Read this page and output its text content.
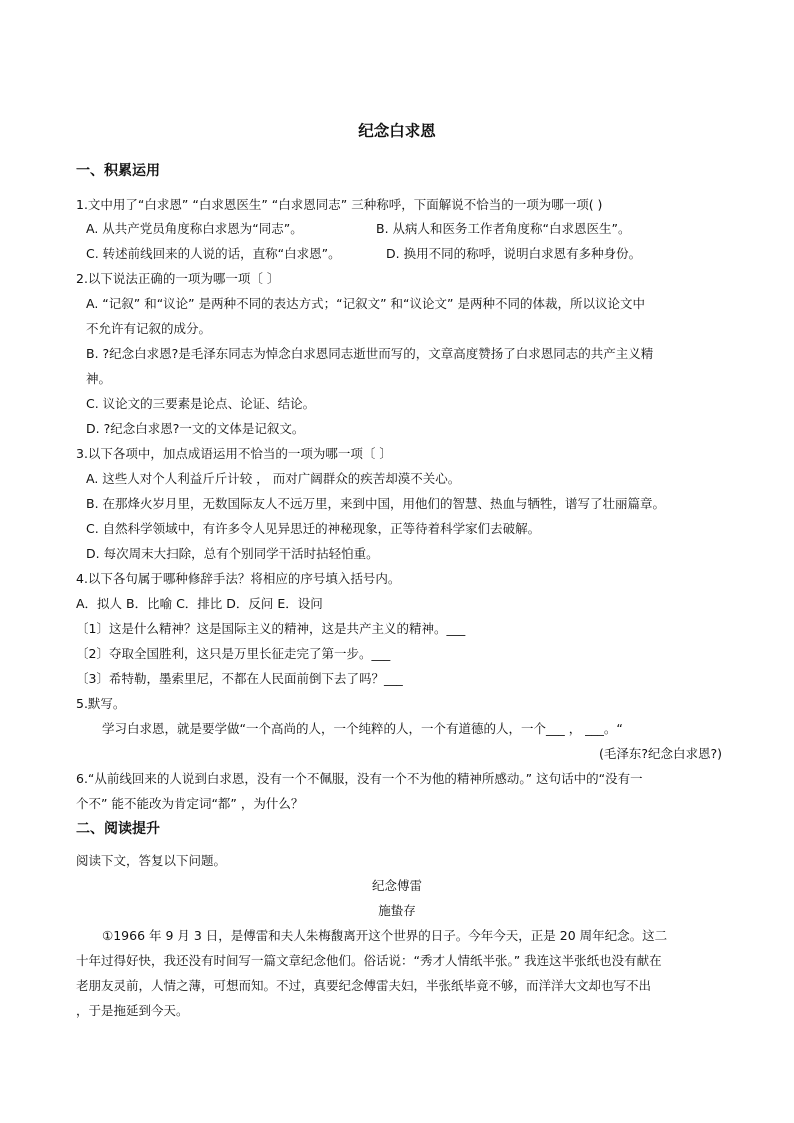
纪念白求恩
一、积累运用
1.文中用了“白求恩” “白求恩医生” “白求恩同志” 三种称呼，下面解说不恰当的一项为哪一项( )
A. 从共产党员角度称白求恩为“同志”。	B. 从病人和医务工作者角度称“白求恩医生”。
C. 转述前线回来的人说的话，直称“白求恩”。	D. 换用不同的称呼，说明白求恩有多种身份。
2.以下说法正确的一项为哪一项〔 〕
A. “记叙” 和“议论” 是两种不同的表达方式；“记叙文” 和“议论文” 是两种不同的体裁，所以议论文中
不允许有记叙的成分。
B. ?纪念白求恩?是毛泽东同志为悼念白求恩同志逝世而写的，文章高度赞扬了白求恩同志的共产主义精
神。
C. 议论文的三要素是论点、论证、结论。
D. ?纪念白求恩?一文的文体是记叙文。
3.以下各项中，加点成语运用不恰当的一项为哪一项〔 〕
A. 这些人对个人利益斤斤计较 ， 而对广阔群众的疾苦却漠不关心。
B. 在那烽火岁月里，无数国际友人不远万里，来到中国，用他们的智慧、热血与牺牲，谱写了壮丽篇章。
C. 自然科学领域中，有许多令人见异思迁的神秘现象，正等待着科学家们去破解。
D. 每次周末大扫除，总有个别同学干活时拈轻怕重。
4.以下各句属于哪种修辞手法？将相应的序号填入括号内。
A．拟人 B．比喻 C．排比 D．反问 E．设问
〔1〕这是什么精神？这是国际主义的精神，这是共产主义的精神。___
〔2〕夺取全国胜利，这只是万里长征走完了第一步。___
〔3〕希特勒，墨索里尼，不都在人民面前倒下去了吗？___
5.默写。
学习白求恩，就是要学做“一个高尚的人，一个纯粹的人，一个有道德的人，一个___ ， ___。“
(毛泽东?纪念白求恩?)
6.“从前线回来的人说到白求恩，没有一个不佩服，没有一个不为他的精神所感动。” 这句话中的“没有一
个不” 能不能改为肯定词“都” ，为什么？
二、阅读提升
阅读下文，答复以下问题。
纪念傅雷
施蛰存
①1966 年 9 月 3 日，是傅雷和夫人朱梅馥离开这个世界的日子。今年今天，正是 20 周年纪念。这二
十年过得好快，我还没有时间写一篇文章纪念他们。俗话说：“秀才人情纸半张。” 我连这半张纸也没有献在
老朋友灵前，人情之薄，可想而知。不过，真要纪念傅雷夫妇，半张纸毕竟不够，而洋洋大文却也写不出
，于是拖延到今天。
